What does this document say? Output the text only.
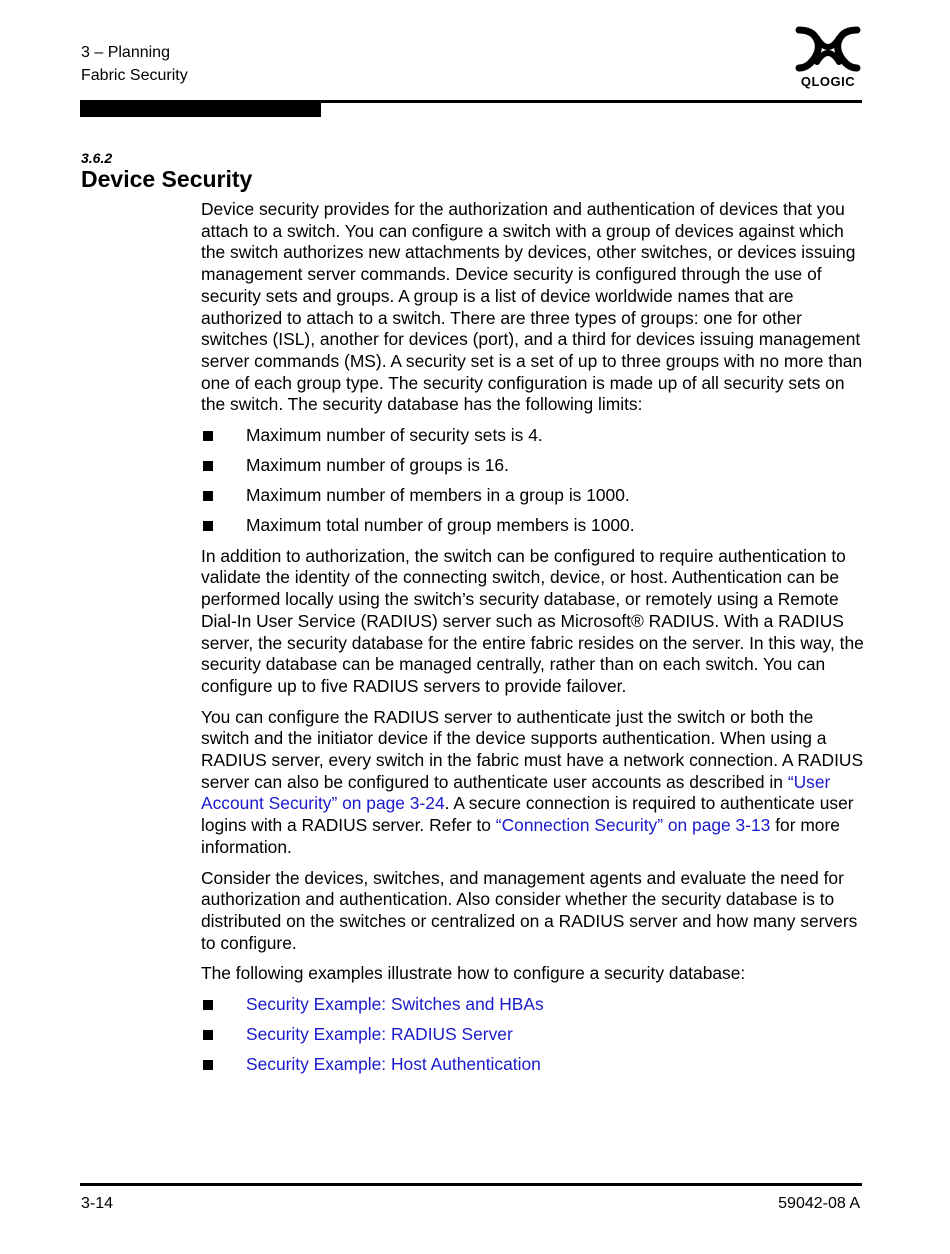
3 – Planning
Fabric Security	QLOGIC
3.6.2
Device Security

Device security provides for the authorization and authentication of devices that you attach to a switch. You can configure a switch with a group of devices against which the switch authorizes new attachments by devices, other switches, or devices issuing management server commands. Device security is configured through the use of security sets and groups. A group is a list of device worldwide names that are authorized to attach to a switch. There are three types of groups: one for other switches (ISL), another for devices (port), and a third for devices issuing management server commands (MS). A security set is a set of up to three groups with no more than one of each group type. The security configuration is made up of all security sets on the switch. The security database has the following limits:

Maximum number of security sets is 4.
Maximum number of groups is 16.
Maximum number of members in a group is 1000.
Maximum total number of group members is 1000.

In addition to authorization, the switch can be configured to require authentication to validate the identity of the connecting switch, device, or host. Authentication can be performed locally using the switch’s security database, or remotely using a Remote Dial-In User Service (RADIUS) server such as Microsoft® RADIUS. With a RADIUS server, the security database for the entire fabric resides on the server. In this way, the security database can be managed centrally, rather than on each switch. You can configure up to five RADIUS servers to provide failover.

You can configure the RADIUS server to authenticate just the switch or both the switch and the initiator device if the device supports authentication. When using a RADIUS server, every switch in the fabric must have a network connection. A RADIUS server can also be configured to authenticate user accounts as described in “User Account Security” on page 3-24. A secure connection is required to authenticate user logins with a RADIUS server. Refer to “Connection Security” on page 3-13 for more information.

Consider the devices, switches, and management agents and evaluate the need for authorization and authentication. Also consider whether the security database is to distributed on the switches or centralized on a RADIUS server and how many servers to configure.

The following examples illustrate how to configure a security database:

Security Example: Switches and HBAs
Security Example: RADIUS Server
Security Example: Host Authentication
3-14	59042-08 A
